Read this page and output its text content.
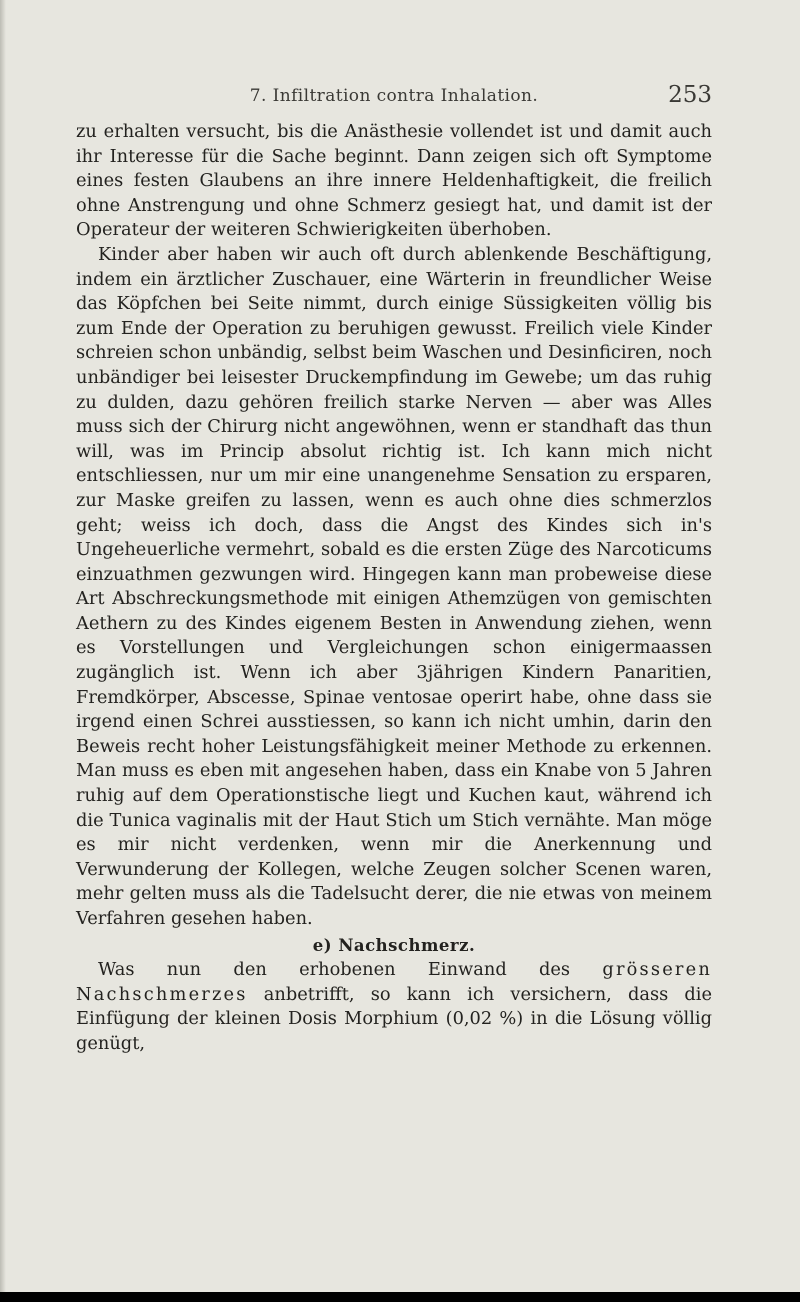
7. Infiltration contra Inhalation.	253

zu erhalten versucht, bis die Anästhesie vollendet ist und damit auch ihr Interesse für die Sache beginnt. Dann zeigen sich oft Symptome eines festen Glaubens an ihre innere Heldenhaftigkeit, die freilich ohne Anstrengung und ohne Schmerz gesiegt hat, und damit ist der Operateur der weiteren Schwierigkeiten überhoben.

Kinder aber haben wir auch oft durch ablenkende Beschäftigung, indem ein ärztlicher Zuschauer, eine Wärterin in freundlicher Weise das Köpfchen bei Seite nimmt, durch einige Süssigkeiten völlig bis zum Ende der Operation zu beruhigen gewusst. Freilich viele Kinder schreien schon unbändig, selbst beim Waschen und Desinficiren, noch unbändiger bei leisester Druckempfindung im Gewebe; um das ruhig zu dulden, dazu gehören freilich starke Nerven — aber was Alles muss sich der Chirurg nicht angewöhnen, wenn er standhaft das thun will, was im Princip absolut richtig ist. Ich kann mich nicht entschliessen, nur um mir eine unangenehme Sensation zu ersparen, zur Maske greifen zu lassen, wenn es auch ohne dies schmerzlos geht; weiss ich doch, dass die Angst des Kindes sich in's Ungeheuerliche vermehrt, sobald es die ersten Züge des Narcoticums einzuathmen gezwungen wird. Hingegen kann man probeweise diese Art Abschreckungsmethode mit einigen Athemzügen von gemischten Aethern zu des Kindes eigenem Besten in Anwendung ziehen, wenn es Vorstellungen und Vergleichungen schon einigermaassen zugänglich ist. Wenn ich aber 3jährigen Kindern Panaritien, Fremdkörper, Abscesse, Spinae ventosae operirt habe, ohne dass sie irgend einen Schrei ausstiessen, so kann ich nicht umhin, darin den Beweis recht hoher Leistungsfähigkeit meiner Methode zu erkennen. Man muss es eben mit angesehen haben, dass ein Knabe von 5 Jahren ruhig auf dem Operationstische liegt und Kuchen kaut, während ich die Tunica vaginalis mit der Haut Stich um Stich vernähte. Man möge es mir nicht verdenken, wenn mir die Anerkennung und Verwunderung der Kollegen, welche Zeugen solcher Scenen waren, mehr gelten muss als die Tadelsucht derer, die nie etwas von meinem Verfahren gesehen haben.

e) Nachschmerz.

Was nun den erhobenen Einwand des grösseren Nachschmerzes anbetrifft, so kann ich versichern, dass die Einfügung der kleinen Dosis Morphium (0,02 %) in die Lösung völlig genügt,
